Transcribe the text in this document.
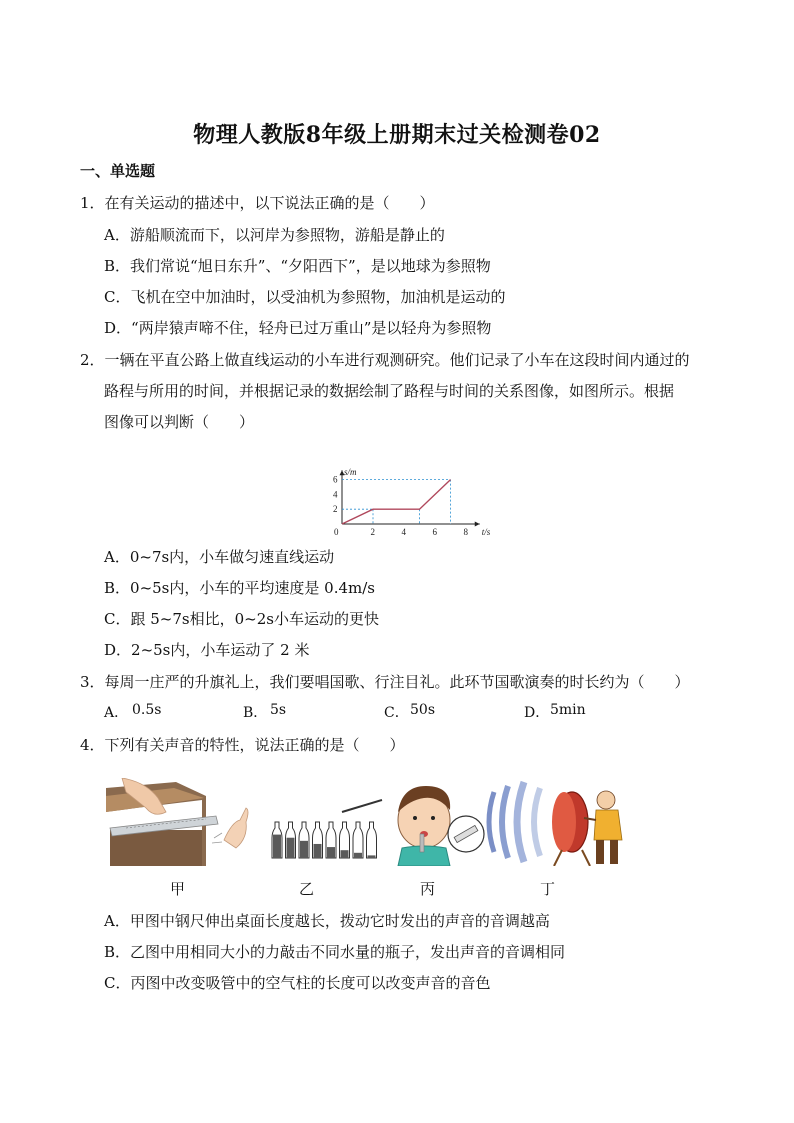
物理人教版8年级上册期末过关检测卷02
一、单选题
1．在有关运动的描述中，以下说法正确的是（　　）
A．游船顺流而下，以河岸为参照物，游船是静止的
B．我们常说“旭日东升”、“夕阳西下”，是以地球为参照物
C．飞机在空中加油时，以受油机为参照物，加油机是运动的
D．“两岸猿声啼不住，轻舟已过万重山”是以轻舟为参照物
2．一辆在平直公路上做直线运动的小车进行观测研究。他们记录了小车在这段时间内通过的
路程与所用的时间，并根据记录的数据绘制了路程与时间的关系图像，如图所示。根据
图像可以判断（　　）
0	2	4	6	8
2
4
6
t/s
s/m
A．0~7s内，小车做匀速直线运动
B．0~5s内，小车的平均速度是 0.4m/s
C．跟 5~7s相比，0~2s小车运动的更快
D．2~5s内，小车运动了 2 米
3．每周一庄严的升旗礼上，我们要唱国歌、行注目礼。此环节国歌演奏的时长约为（　　）
A． 0.5s	B． 5s	C． 50s	D． 5min
4．下列有关声音的特性，说法正确的是（　　）
甲	乙	丙	丁
A．甲图中钢尺伸出桌面长度越长，拨动它时发出的声音的音调越高
B．乙图中用相同大小的力敲击不同水量的瓶子，发出声音的音调相同
C．丙图中改变吸管中的空气柱的长度可以改变声音的音色
